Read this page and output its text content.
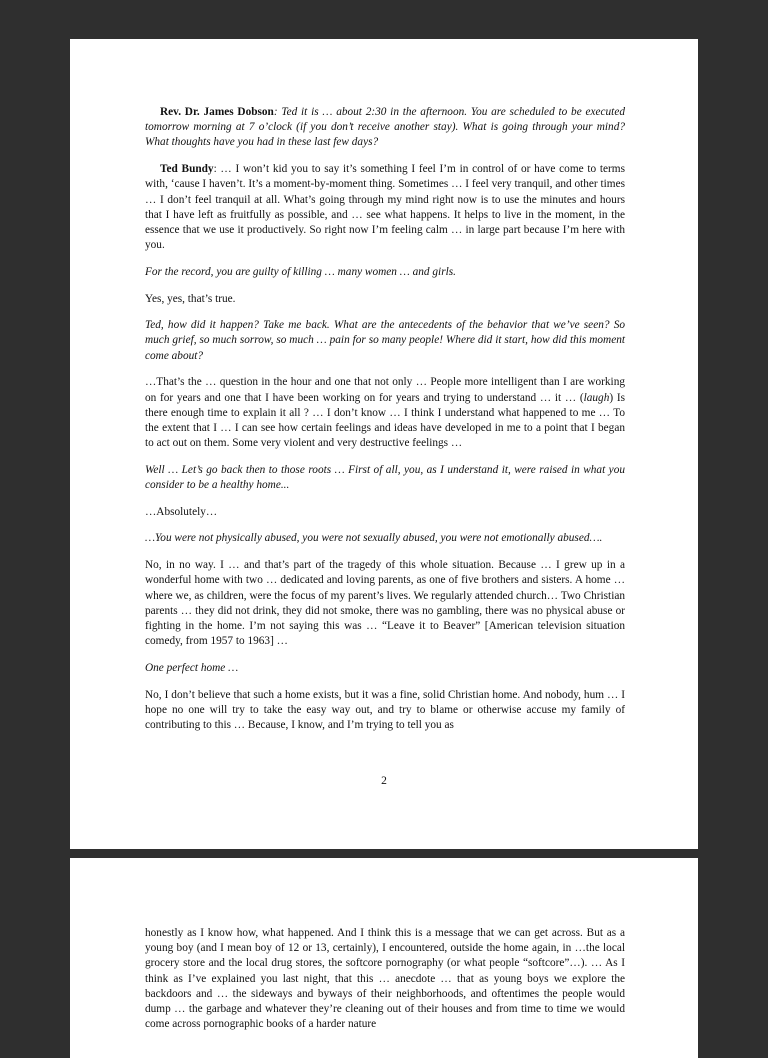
Rev. Dr. James Dobson: Ted it is … about 2:30 in the afternoon. You are scheduled to be executed tomorrow morning at 7 o’clock (if you don’t receive another stay). What is going through your mind? What thoughts have you had in these last few days?

Ted Bundy: … I won’t kid you to say it’s something I feel I’m in control of or have come to terms with, ‘cause I haven’t. It’s a moment-by-moment thing. Sometimes … I feel very tranquil, and other times … I don’t feel tranquil at all. What’s going through my mind right now is to use the minutes and hours that I have left as fruitfully as possible, and … see what happens. It helps to live in the moment, in the essence that we use it productively. So right now I’m feeling calm … in large part because I’m here with you.

For the record, you are guilty of killing … many women … and girls.

Yes, yes, that’s true.

Ted, how did it happen? Take me back. What are the antecedents of the behavior that we’ve seen? So much grief, so much sorrow, so much … pain for so many people! Where did it start, how did this moment come about?

…That’s the … question in the hour and one that not only … People more intelligent than I are working on for years and one that I have been working on for years and trying to understand … it … (laugh) Is there enough time to explain it all ? … I don’t know … I think I understand what happened to me … To the extent that I … I can see how certain feelings and ideas have developed in me to a point that I began to act out on them. Some very violent and very destructive feelings …

Well … Let’s go back then to those roots … First of all, you, as I understand it, were raised in what you consider to be a healthy home...

…Absolutely…

…You were not physically abused, you were not sexually abused, you were not emotionally abused….

No, in no way. I … and that’s part of the tragedy of this whole situation. Because … I grew up in a wonderful home with two … dedicated and loving parents, as one of five brothers and sisters. A home … where we, as children, were the focus of my parent’s lives. We regularly attended church… Two Christian parents … they did not drink, they did not smoke, there was no gambling, there was no physical abuse or fighting in the home. I’m not saying this was … “Leave it to Beaver” [American television situation comedy, from 1957 to 1963] …

One perfect home …

No, I don’t believe that such a home exists, but it was a fine, solid Christian home. And nobody, hum … I hope no one will try to take the easy way out, and try to blame or otherwise accuse my family of contributing to this … Because, I know, and I’m trying to tell you as

2

honestly as I know how, what happened. And I think this is a message that we can get across. But as a young boy (and I mean boy of 12 or 13, certainly), I encountered, outside the home again, in …the local grocery store and the local drug stores, the softcore pornography (or what people “softcore”…). … As I think as I’ve explained you last night, that this … anecdote … that as young boys we explore the backdoors and … the sideways and byways of their neighborhoods, and oftentimes the people would dump … the garbage and whatever they’re cleaning out of their houses and from time to time we would come across pornographic books of a harder nature
